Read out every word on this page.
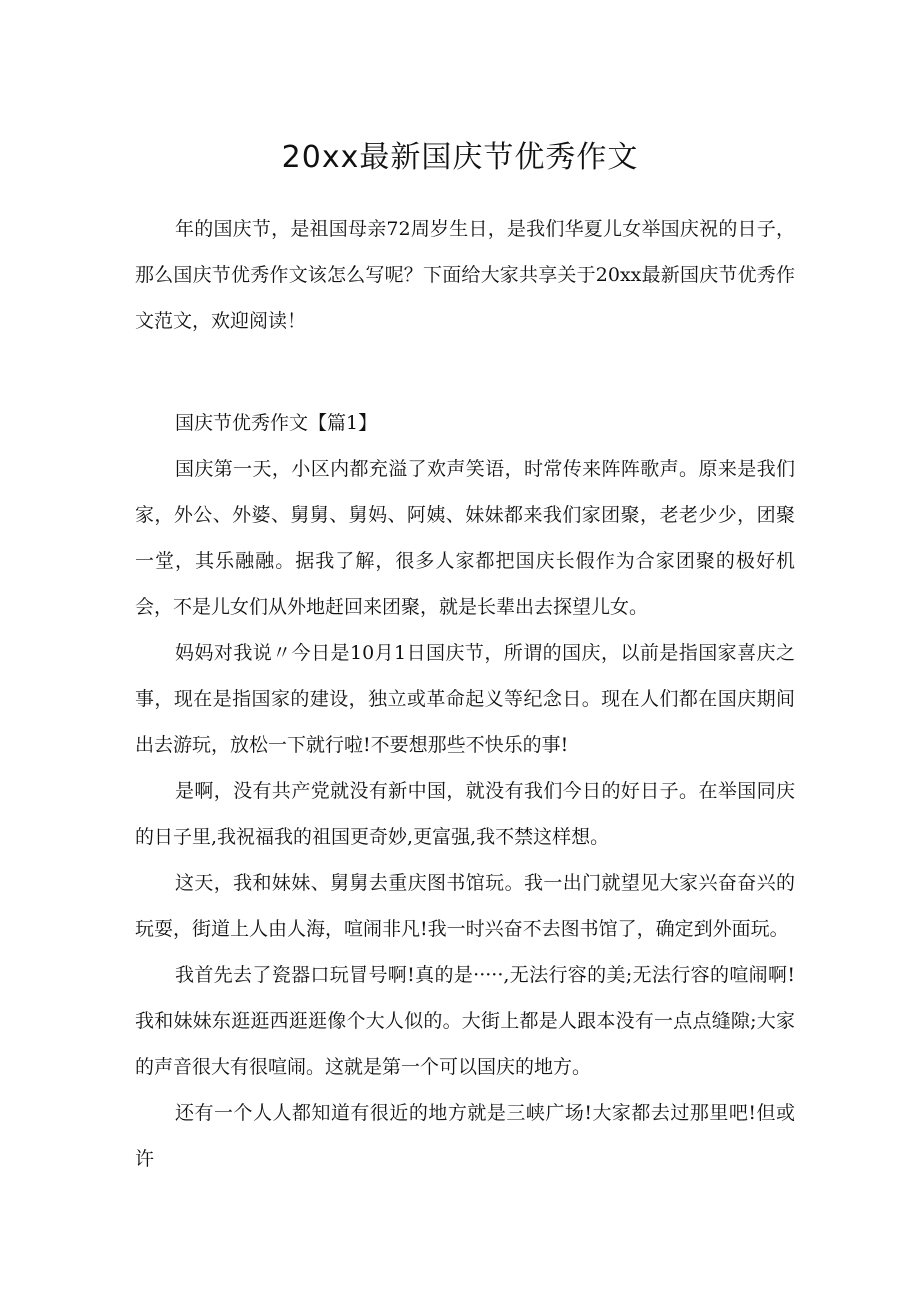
20xx最新国庆节优秀作文

年的国庆节，是祖国母亲72周岁生日，是我们华夏儿女举国庆祝的日子，那么国庆节优秀作文该怎么写呢？下面给大家共享关于20xx最新国庆节优秀作文范文，欢迎阅读！

国庆节优秀作文【篇1】

国庆第一天，小区内都充溢了欢声笑语，时常传来阵阵歌声。原来是我们家，外公、外婆、舅舅、舅妈、阿姨、妹妹都来我们家团聚，老老少少，团聚一堂，其乐融融。据我了解，很多人家都把国庆长假作为合家团聚的极好机会，不是儿女们从外地赶回来团聚，就是长辈出去探望儿女。

妈妈对我说〃今日是10月1日国庆节，所谓的国庆，以前是指国家喜庆之事，现在是指国家的建设，独立或革命起义等纪念日。现在人们都在国庆期间出去游玩，放松一下就行啦!不要想那些不快乐的事!

是啊，没有共产党就没有新中国，就没有我们今日的好日子。在举国同庆的日子里,我祝福我的祖国更奇妙,更富强,我不禁这样想。

这天，我和妹妹、舅舅去重庆图书馆玩。我一出门就望见大家兴奋奋兴的玩耍，街道上人由人海，喧闹非凡!我一时兴奋不去图书馆了，确定到外面玩。

我首先去了瓷器口玩冒号啊!真的是·····,无法行容的美;无法行容的喧闹啊!我和妹妹东逛逛西逛逛像个大人似的。大街上都是人跟本没有一点点缝隙;大家的声音很大有很喧闹。这就是第一个可以国庆的地方。

还有一个人人都知道有很近的地方就是三峡广场!大家都去过那里吧!但或许
